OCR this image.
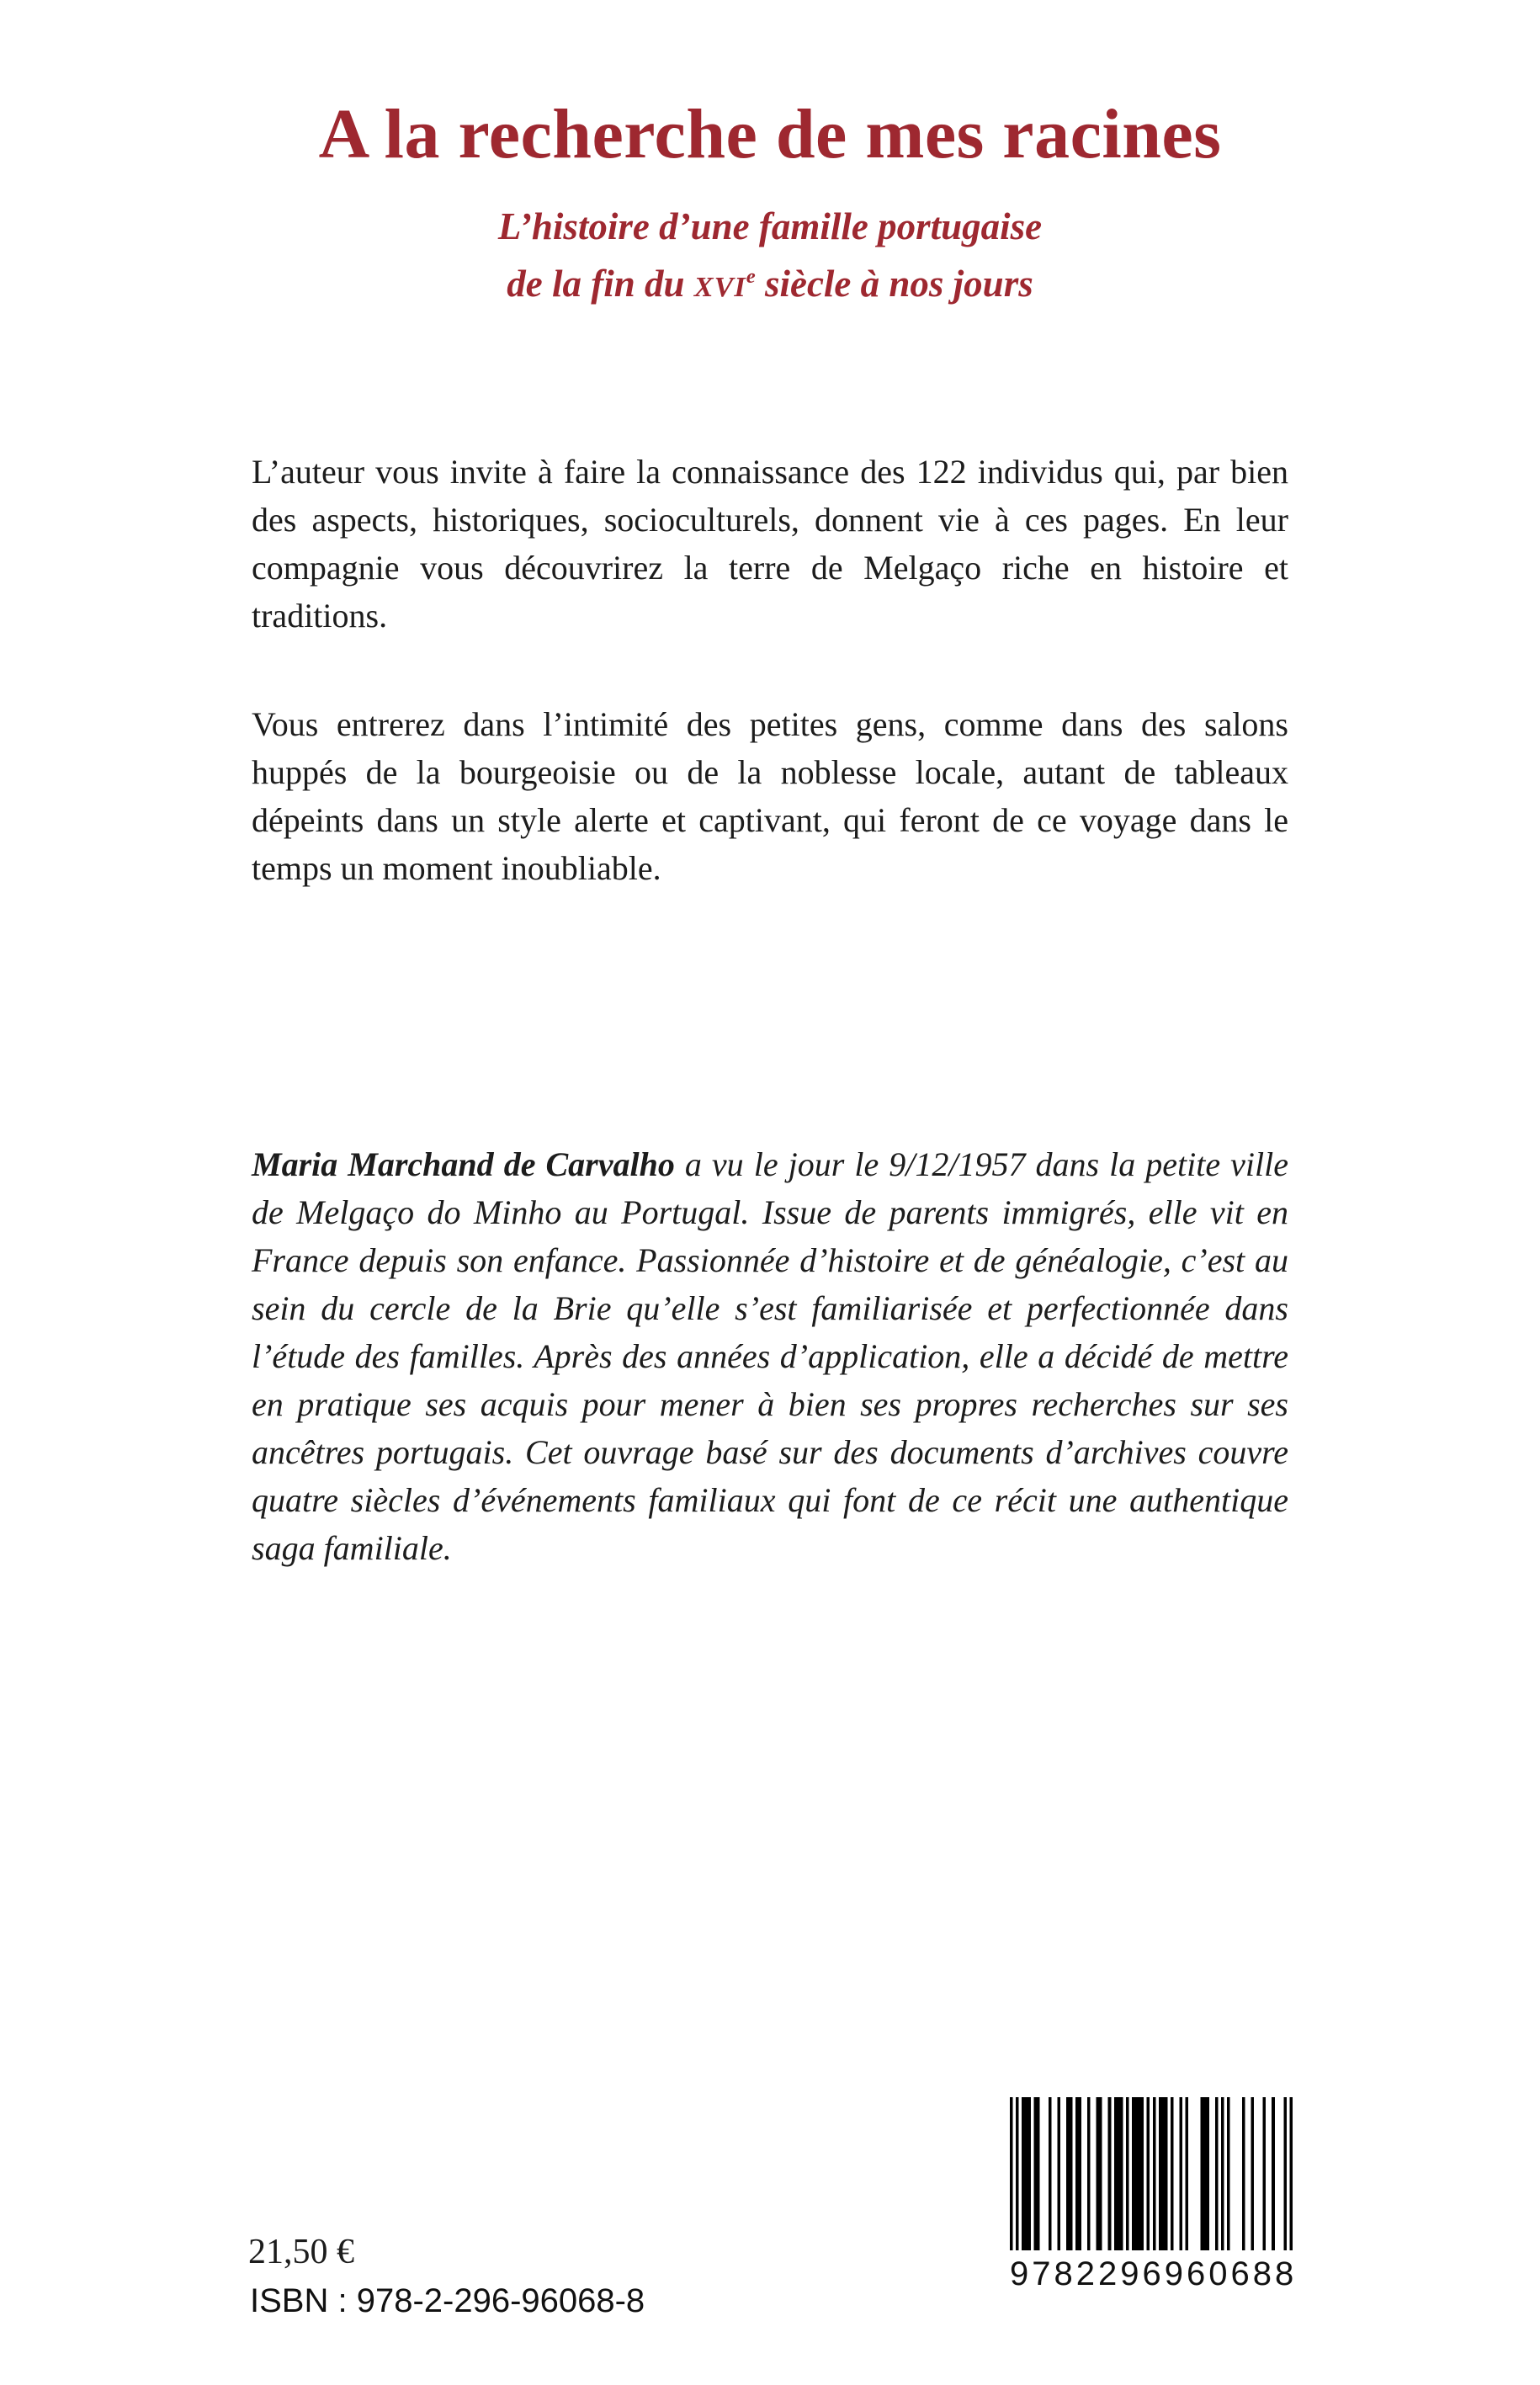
A la recherche de mes racines
L’histoire d’une famille portugaise
de la fin du XVIe siècle à nos jours

L’auteur vous invite à faire la connaissance des 122 individus qui, par bien des aspects, historiques, socioculturels, donnent vie à ces pages. En leur compagnie vous découvrirez la terre de Melgaço riche en histoire et traditions.

Vous entrerez dans l’intimité des petites gens, comme dans des salons huppés de la bourgeoisie ou de la noblesse locale, autant de tableaux dépeints dans un style alerte et captivant, qui feront de ce voyage dans le temps un moment inoubliable.

Maria Marchand de Carvalho a vu le jour le 9/12/1957 dans la petite ville de Melgaço do Minho au Portugal. Issue de parents immigrés, elle vit en France depuis son enfance. Passionnée d’histoire et de généalogie, c’est au sein du cercle de la Brie qu’elle s’est familiarisée et perfectionnée dans l’étude des familles. Après des années d’application, elle a décidé de mettre en pratique ses acquis pour mener à bien ses propres recherches sur ses ancêtres portugais. Cet ouvrage basé sur des documents d’archives couvre quatre siècles d’événements familiaux qui font de ce récit une authentique saga familiale.

21,50 €
ISBN : 978-2-296-96068-8
9782296960688
